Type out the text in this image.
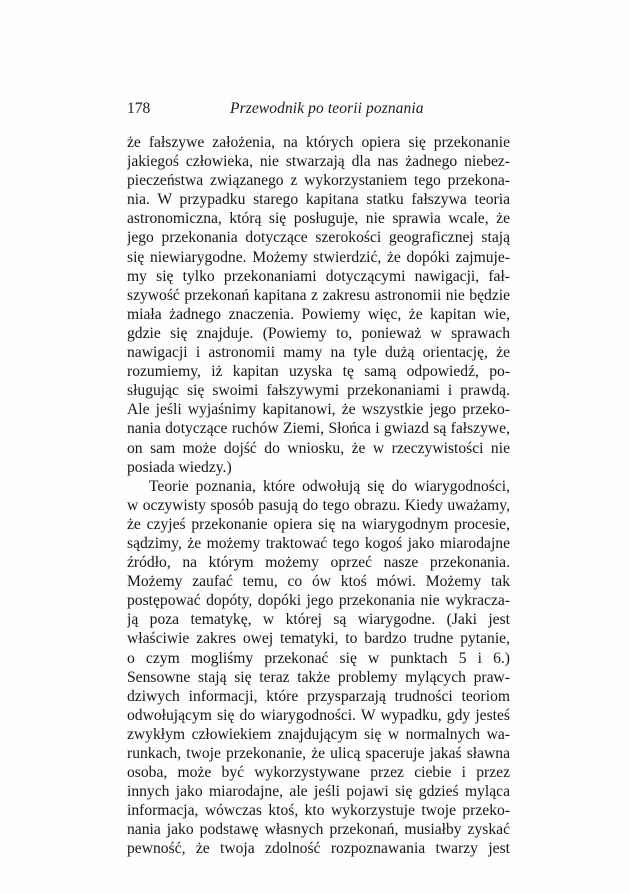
178	Przewodnik po teorii poznania
że fałszywe założenia, na których opiera się przekonanie
jakiegoś człowieka, nie stwarzają dla nas żadnego niebez-
pieczeństwa związanego z wykorzystaniem tego przekona-
nia. W przypadku starego kapitana statku fałszywa teoria
astronomiczna, którą się posługuje, nie sprawia wcale, że
jego przekonania dotyczące szerokości geograficznej stają
się niewiarygodne. Możemy stwierdzić, że dopóki zajmuje-
my się tylko przekonaniami dotyczącymi nawigacji, fał-
szywość przekonań kapitana z zakresu astronomii nie będzie
miała żadnego znaczenia. Powiemy więc, że kapitan wie,
gdzie się znajduje. (Powiemy to, ponieważ w sprawach
nawigacji i astronomii mamy na tyle dużą orientację, że
rozumiemy, iż kapitan uzyska tę samą odpowiedź, po-
sługując się swoimi fałszywymi przekonaniami i prawdą.
Ale jeśli wyjaśnimy kapitanowi, że wszystkie jego przeko-
nania dotyczące ruchów Ziemi, Słońca i gwiazd są fałszywe,
on sam może dojść do wniosku, że w rzeczywistości nie
posiada wiedzy.)
Teorie poznania, które odwołują się do wiarygodności,
w oczywisty sposób pasują do tego obrazu. Kiedy uważamy,
że czyjeś przekonanie opiera się na wiarygodnym procesie,
sądzimy, że możemy traktować tego kogoś jako miarodajne
źródło, na którym możemy oprzeć nasze przekonania.
Możemy zaufać temu, co ów ktoś mówi. Możemy tak
postępować dopóty, dopóki jego przekonania nie wykracza-
ją poza tematykę, w której są wiarygodne. (Jaki jest
właściwie zakres owej tematyki, to bardzo trudne pytanie,
o czym mogliśmy przekonać się w punktach 5 i 6.)
Sensowne stają się teraz także problemy mylących praw-
dziwych informacji, które przysparzają trudności teoriom
odwołującym się do wiarygodności. W wypadku, gdy jesteś
zwykłym człowiekiem znajdującym się w normalnych wa-
runkach, twoje przekonanie, że ulicą spaceruje jakaś sławna
osoba, może być wykorzystywane przez ciebie i przez
innych jako miarodajne, ale jeśli pojawi się gdzieś myląca
informacja, wówczas ktoś, kto wykorzystuje twoje przeko-
nania jako podstawę własnych przekonań, musiałby zyskać
pewność, że twoja zdolność rozpoznawania twarzy jest
